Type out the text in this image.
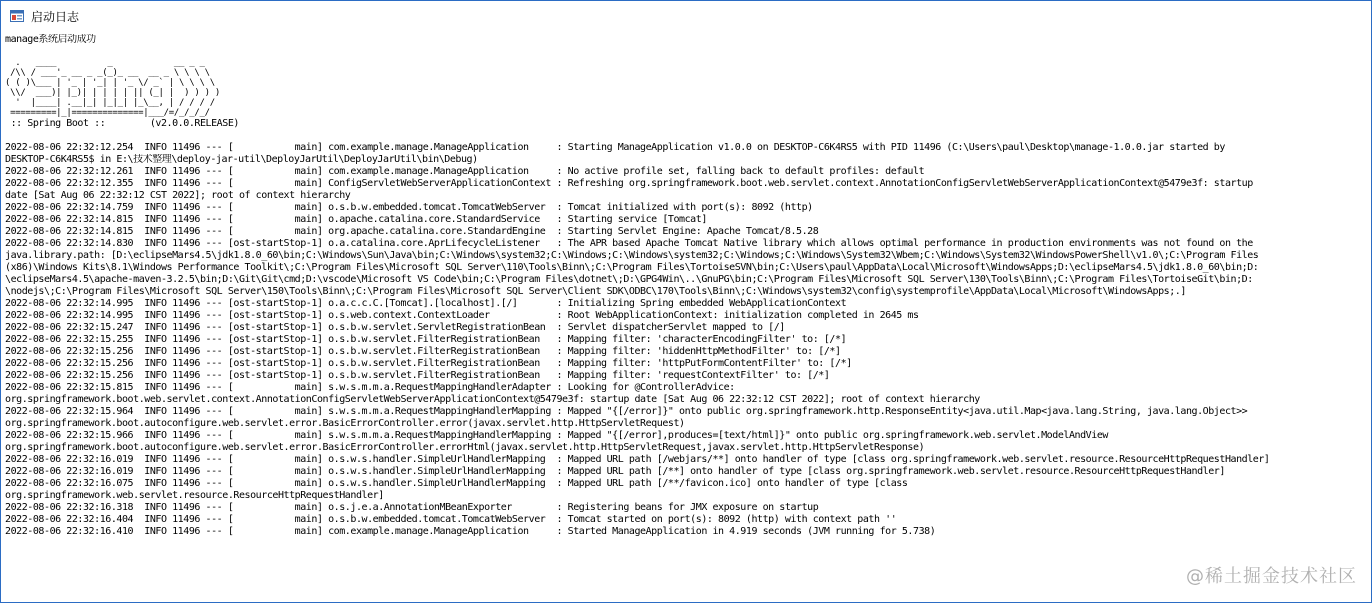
启动日志
manage系统启动成功
.   ____          _            __ _ _
/\\ / ___'_ __ _ _(_)_ __  __ _ \ \ \ \
( ( )\___ | '_ | '_| | '_ \/ _` | \ \ \ \
\\/  ___)| |_)| | | | | || (_| |  ) ) ) )
'  |____| .__|_| |_|_| |_\__, | / / / /
=========|_|==============|___/=/_/_/_/
:: Spring Boot ::        (v2.0.0.RELEASE)
2022-08-06 22:32:12.254  INFO 11496 --- [           main] com.example.manage.ManageApplication     : Starting ManageApplication v1.0.0 on DESKTOP-C6K4RS5 with PID 11496 (C:\Users\paul\Desktop\manage-1.0.0.jar started by
DESKTOP-C6K4RS5$ in E:\技术整理\deploy-jar-util\DeployJarUtil\DeployJarUtil\bin\Debug)
2022-08-06 22:32:12.261  INFO 11496 --- [           main] com.example.manage.ManageApplication     : No active profile set, falling back to default profiles: default
2022-08-06 22:32:12.355  INFO 11496 --- [           main] ConfigServletWebServerApplicationContext : Refreshing org.springframework.boot.web.servlet.context.AnnotationConfigServletWebServerApplicationContext@5479e3f: startup
date [Sat Aug 06 22:32:12 CST 2022]; root of context hierarchy
2022-08-06 22:32:14.759  INFO 11496 --- [           main] o.s.b.w.embedded.tomcat.TomcatWebServer  : Tomcat initialized with port(s): 8092 (http)
2022-08-06 22:32:14.815  INFO 11496 --- [           main] o.apache.catalina.core.StandardService   : Starting service [Tomcat]
2022-08-06 22:32:14.815  INFO 11496 --- [           main] org.apache.catalina.core.StandardEngine  : Starting Servlet Engine: Apache Tomcat/8.5.28
2022-08-06 22:32:14.830  INFO 11496 --- [ost-startStop-1] o.a.catalina.core.AprLifecycleListener   : The APR based Apache Tomcat Native library which allows optimal performance in production environments was not found on the
java.library.path: [D:\eclipseMars4.5\jdk1.8.0_60\bin;C:\Windows\Sun\Java\bin;C:\Windows\system32;C:\Windows;C:\Windows\system32;C:\Windows;C:\Windows\System32\Wbem;C:\Windows\System32\WindowsPowerShell\v1.0\;C:\Program Files
(x86)\Windows Kits\8.1\Windows Performance Toolkit\;C:\Program Files\Microsoft SQL Server\110\Tools\Binn\;C:\Program Files\TortoiseSVN\bin;C:\Users\paul\AppData\Local\Microsoft\WindowsApps;D:\eclipseMars4.5\jdk1.8.0_60\bin;D:
\eclipseMars4.5\apache-maven-3.2.5\bin;D:\Git\Git\cmd;D:\vscode\Microsoft VS Code\bin;C:\Program Files\dotnet\;D:\GPG4Win\..\GnuPG\bin;C:\Program Files\Microsoft SQL Server\130\Tools\Binn\;C:\Program Files\TortoiseGit\bin;D:
\nodejs\;C:\Program Files\Microsoft SQL Server\150\Tools\Binn\;C:\Program Files\Microsoft SQL Server\Client SDK\ODBC\170\Tools\Binn\;C:\Windows\system32\config\systemprofile\AppData\Local\Microsoft\WindowsApps;.]
2022-08-06 22:32:14.995  INFO 11496 --- [ost-startStop-1] o.a.c.c.C.[Tomcat].[localhost].[/]       : Initializing Spring embedded WebApplicationContext
2022-08-06 22:32:14.995  INFO 11496 --- [ost-startStop-1] o.s.web.context.ContextLoader            : Root WebApplicationContext: initialization completed in 2645 ms
2022-08-06 22:32:15.247  INFO 11496 --- [ost-startStop-1] o.s.b.w.servlet.ServletRegistrationBean  : Servlet dispatcherServlet mapped to [/]
2022-08-06 22:32:15.255  INFO 11496 --- [ost-startStop-1] o.s.b.w.servlet.FilterRegistrationBean   : Mapping filter: 'characterEncodingFilter' to: [/*]
2022-08-06 22:32:15.256  INFO 11496 --- [ost-startStop-1] o.s.b.w.servlet.FilterRegistrationBean   : Mapping filter: 'hiddenHttpMethodFilter' to: [/*]
2022-08-06 22:32:15.256  INFO 11496 --- [ost-startStop-1] o.s.b.w.servlet.FilterRegistrationBean   : Mapping filter: 'httpPutFormContentFilter' to: [/*]
2022-08-06 22:32:15.256  INFO 11496 --- [ost-startStop-1] o.s.b.w.servlet.FilterRegistrationBean   : Mapping filter: 'requestContextFilter' to: [/*]
2022-08-06 22:32:15.815  INFO 11496 --- [           main] s.w.s.m.m.a.RequestMappingHandlerAdapter : Looking for @ControllerAdvice:
org.springframework.boot.web.servlet.context.AnnotationConfigServletWebServerApplicationContext@5479e3f: startup date [Sat Aug 06 22:32:12 CST 2022]; root of context hierarchy
2022-08-06 22:32:15.964  INFO 11496 --- [           main] s.w.s.m.m.a.RequestMappingHandlerMapping : Mapped "{[/error]}" onto public org.springframework.http.ResponseEntity<java.util.Map<java.lang.String, java.lang.Object>>
org.springframework.boot.autoconfigure.web.servlet.error.BasicErrorController.error(javax.servlet.http.HttpServletRequest)
2022-08-06 22:32:15.966  INFO 11496 --- [           main] s.w.s.m.m.a.RequestMappingHandlerMapping : Mapped "{[/error],produces=[text/html]}" onto public org.springframework.web.servlet.ModelAndView
org.springframework.boot.autoconfigure.web.servlet.error.BasicErrorController.errorHtml(javax.servlet.http.HttpServletRequest,javax.servlet.http.HttpServletResponse)
2022-08-06 22:32:16.019  INFO 11496 --- [           main] o.s.w.s.handler.SimpleUrlHandlerMapping  : Mapped URL path [/webjars/**] onto handler of type [class org.springframework.web.servlet.resource.ResourceHttpRequestHandler]
2022-08-06 22:32:16.019  INFO 11496 --- [           main] o.s.w.s.handler.SimpleUrlHandlerMapping  : Mapped URL path [/**] onto handler of type [class org.springframework.web.servlet.resource.ResourceHttpRequestHandler]
2022-08-06 22:32:16.075  INFO 11496 --- [           main] o.s.w.s.handler.SimpleUrlHandlerMapping  : Mapped URL path [/**/favicon.ico] onto handler of type [class
org.springframework.web.servlet.resource.ResourceHttpRequestHandler]
2022-08-06 22:32:16.318  INFO 11496 --- [           main] o.s.j.e.a.AnnotationMBeanExporter        : Registering beans for JMX exposure on startup
2022-08-06 22:32:16.404  INFO 11496 --- [           main] o.s.b.w.embedded.tomcat.TomcatWebServer  : Tomcat started on port(s): 8092 (http) with context path ''
2022-08-06 22:32:16.410  INFO 11496 --- [           main] com.example.manage.ManageApplication     : Started ManageApplication in 4.919 seconds (JVM running for 5.738)
@稀土掘金技术社区
